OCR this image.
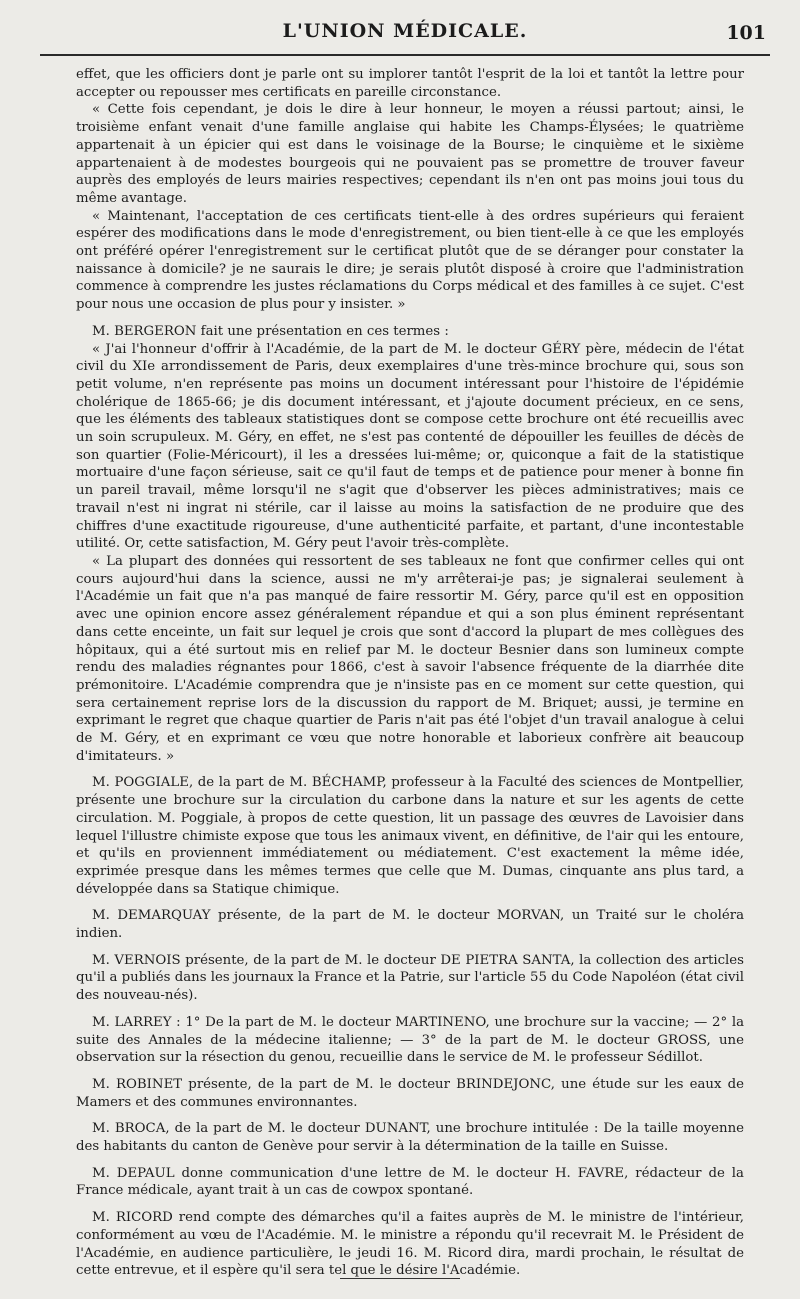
L'UNION MÉDICALE.	101

effet, que les officiers dont je parle ont su implorer tantôt l'esprit de la loi et tantôt la lettre pour accepter ou repousser mes certificats en pareille circonstance.

« Cette fois cependant, je dois le dire à leur honneur, le moyen a réussi partout; ainsi, le troisième enfant venait d'une famille anglaise qui habite les Champs-Élysées; le quatrième appartenait à un épicier qui est dans le voisinage de la Bourse; le cinquième et le sixième appartenaient à de modestes bourgeois qui ne pouvaient pas se promettre de trouver faveur auprès des employés de leurs mairies respectives; cependant ils n'en ont pas moins joui tous du même avantage.

« Maintenant, l'acceptation de ces certificats tient-elle à des ordres supérieurs qui feraient espérer des modifications dans le mode d'enregistrement, ou bien tient-elle à ce que les employés ont préféré opérer l'enregistrement sur le certificat plutôt que de se déranger pour constater la naissance à domicile? je ne saurais le dire; je serais plutôt disposé à croire que l'administration commence à comprendre les justes réclamations du Corps médical et des familles à ce sujet. C'est pour nous une occasion de plus pour y insister. »

M. BERGERON fait une présentation en ces termes :

« J'ai l'honneur d'offrir à l'Académie, de la part de M. le docteur GÉRY père, médecin de l'état civil du XIe arrondissement de Paris, deux exemplaires d'une très-mince brochure qui, sous son petit volume, n'en représente pas moins un document intéressant pour l'histoire de l'épidémie cholérique de 1865-66; je dis document intéressant, et j'ajoute document précieux, en ce sens, que les éléments des tableaux statistiques dont se compose cette brochure ont été recueillis avec un soin scrupuleux. M. Géry, en effet, ne s'est pas contenté de dépouiller les feuilles de décès de son quartier (Folie-Méricourt), il les a dressées lui-même; or, quiconque a fait de la statistique mortuaire d'une façon sérieuse, sait ce qu'il faut de temps et de patience pour mener à bonne fin un pareil travail, même lorsqu'il ne s'agit que d'observer les pièces administratives; mais ce travail n'est ni ingrat ni stérile, car il laisse au moins la satisfaction de ne produire que des chiffres d'une exactitude rigoureuse, d'une authenticité parfaite, et partant, d'une incontestable utilité. Or, cette satisfaction, M. Géry peut l'avoir très-complète.

« La plupart des données qui ressortent de ses tableaux ne font que confirmer celles qui ont cours aujourd'hui dans la science, aussi ne m'y arrêterai-je pas; je signalerai seulement à l'Académie un fait que n'a pas manqué de faire ressortir M. Géry, parce qu'il est en opposition avec une opinion encore assez généralement répandue et qui a son plus éminent représentant dans cette enceinte, un fait sur lequel je crois que sont d'accord la plupart de mes collègues des hôpitaux, qui a été surtout mis en relief par M. le docteur Besnier dans son lumineux compte rendu des maladies régnantes pour 1866, c'est à savoir l'absence fréquente de la diarrhée dite prémonitoire. L'Académie comprendra que je n'insiste pas en ce moment sur cette question, qui sera certainement reprise lors de la discussion du rapport de M. Briquet; aussi, je termine en exprimant le regret que chaque quartier de Paris n'ait pas été l'objet d'un travail analogue à celui de M. Géry, et en exprimant ce vœu que notre honorable et laborieux confrère ait beaucoup d'imitateurs. »

M. POGGIALE, de la part de M. BÉCHAMP, professeur à la Faculté des sciences de Montpellier, présente une brochure sur la circulation du carbone dans la nature et sur les agents de cette circulation. M. Poggiale, à propos de cette question, lit un passage des œuvres de Lavoisier dans lequel l'illustre chimiste expose que tous les animaux vivent, en définitive, de l'air qui les entoure, et qu'ils en proviennent immédiatement ou médiatement. C'est exactement la même idée, exprimée presque dans les mêmes termes que celle que M. Dumas, cinquante ans plus tard, a développée dans sa Statique chimique.

M. DEMARQUAY présente, de la part de M. le docteur MORVAN, un Traité sur le choléra indien.

M. VERNOIS présente, de la part de M. le docteur DE PIETRA SANTA, la collection des articles qu'il a publiés dans les journaux la France et la Patrie, sur l'article 55 du Code Napoléon (état civil des nouveau-nés).

M. LARREY : 1° De la part de M. le docteur MARTINENO, une brochure sur la vaccine; — 2° la suite des Annales de la médecine italienne; — 3° de la part de M. le docteur GROSS, une observation sur la résection du genou, recueillie dans le service de M. le professeur Sédillot.

M. ROBINET présente, de la part de M. le docteur BRINDEJONC, une étude sur les eaux de Mamers et des communes environnantes.

M. BROCA, de la part de M. le docteur DUNANT, une brochure intitulée : De la taille moyenne des habitants du canton de Genève pour servir à la détermination de la taille en Suisse.

M. DEPAUL donne communication d'une lettre de M. le docteur H. FAVRE, rédacteur de la France médicale, ayant trait à un cas de cowpox spontané.

M. RICORD rend compte des démarches qu'il a faites auprès de M. le ministre de l'intérieur, conformément au vœu de l'Académie. M. le ministre a répondu qu'il recevrait M. le Président de l'Académie, en audience particulière, le jeudi 16. M. Ricord dira, mardi prochain, le résultat de cette entrevue, et il espère qu'il sera tel que le désire l'Académie.
